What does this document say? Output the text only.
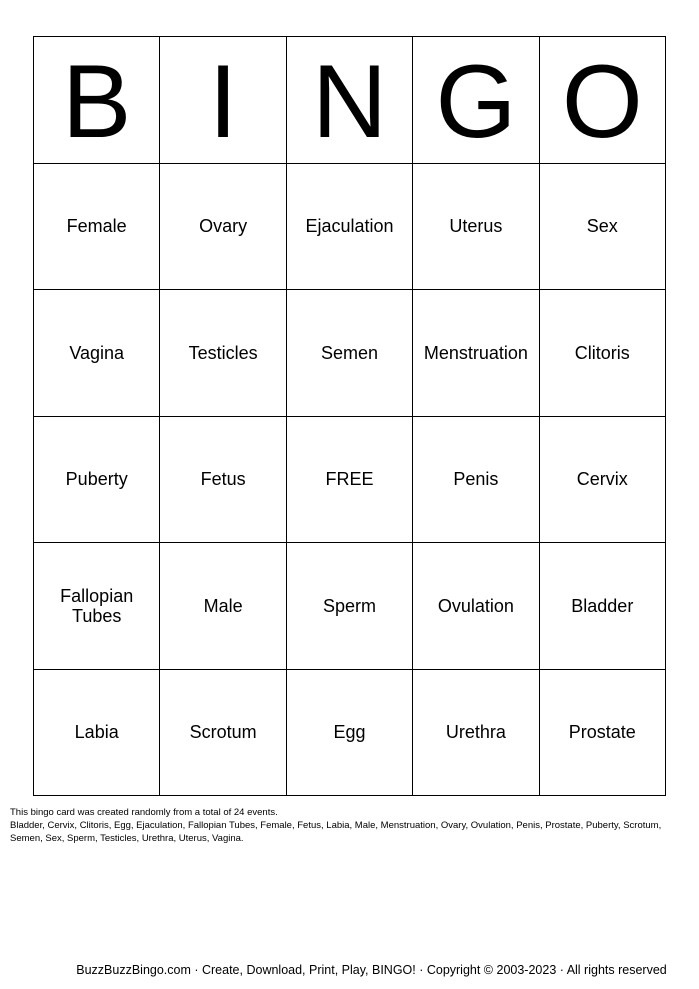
B I N G O
Female	Ovary	Ejaculation	Uterus	Sex
Vagina	Testicles	Semen	Menstruation	Clitoris
Puberty	Fetus	FREE	Penis	Cervix
Fallopian Tubes	Male	Sperm	Ovulation	Bladder
Labia	Scrotum	Egg	Urethra	Prostate
This bingo card was created randomly from a total of 24 events.
Bladder, Cervix, Clitoris, Egg, Ejaculation, Fallopian Tubes, Female, Fetus, Labia, Male, Menstruation, Ovary, Ovulation, Penis, Prostate, Puberty, Scrotum, Semen, Sex, Sperm, Testicles, Urethra, Uterus, Vagina.
BuzzBuzzBingo.com · Create, Download, Print, Play, BINGO! · Copyright © 2003-2023 · All rights reserved
